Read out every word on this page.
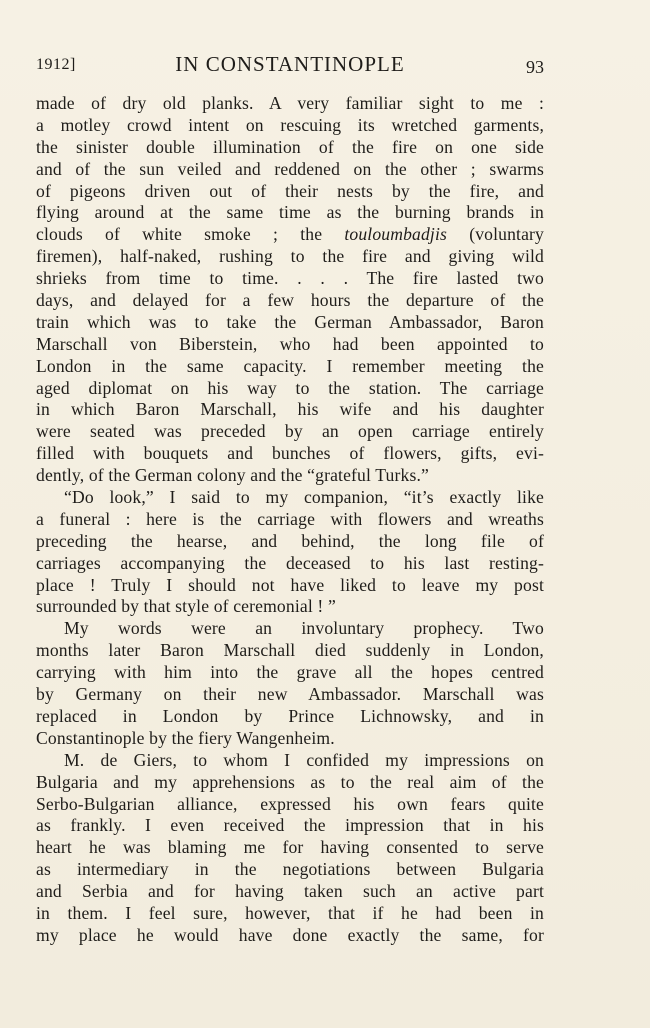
1912]	IN CONSTANTINOPLE	93
made of dry old planks. A very familiar sight to me :
a motley crowd intent on rescuing its wretched garments,
the sinister double illumination of the fire on one side
and of the sun veiled and reddened on the other ; swarms
of pigeons driven out of their nests by the fire, and
flying around at the same time as the burning brands in
clouds of white smoke ; the touloumbadjis (voluntary
firemen), half-naked, rushing to the fire and giving wild
shrieks from time to time. . . . The fire lasted two
days, and delayed for a few hours the departure of the
train which was to take the German Ambassador, Baron
Marschall von Biberstein, who had been appointed to
London in the same capacity. I remember meeting the
aged diplomat on his way to the station. The carriage
in which Baron Marschall, his wife and his daughter
were seated was preceded by an open carriage entirely
filled with bouquets and bunches of flowers, gifts, evi-
dently, of the German colony and the “grateful Turks.”
“Do look,” I said to my companion, “it’s exactly like
a funeral : here is the carriage with flowers and wreaths
preceding the hearse, and behind, the long file of
carriages accompanying the deceased to his last resting-
place ! Truly I should not have liked to leave my post
surrounded by that style of ceremonial ! ”
My words were an involuntary prophecy. Two
months later Baron Marschall died suddenly in London,
carrying with him into the grave all the hopes centred
by Germany on their new Ambassador. Marschall was
replaced in London by Prince Lichnowsky, and in
Constantinople by the fiery Wangenheim.
M. de Giers, to whom I confided my impressions on
Bulgaria and my apprehensions as to the real aim of the
Serbo-Bulgarian alliance, expressed his own fears quite
as frankly. I even received the impression that in his
heart he was blaming me for having consented to serve
as intermediary in the negotiations between Bulgaria
and Serbia and for having taken such an active part
in them. I feel sure, however, that if he had been in
my place he would have done exactly the same, for
